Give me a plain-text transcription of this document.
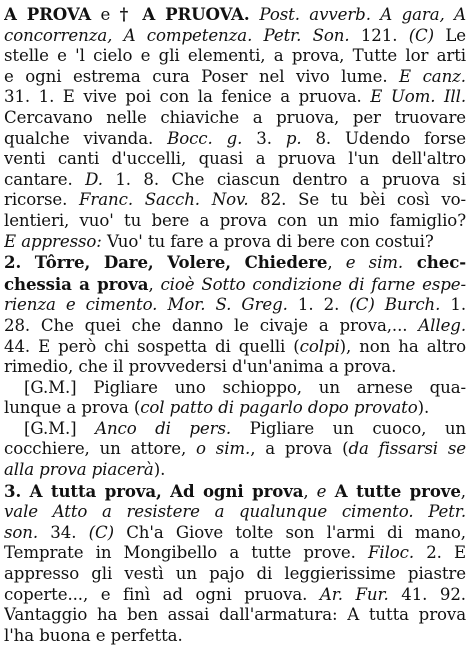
A PROVA e † A PRUOVA. Post. avverb. A gara, A
concorrenza, A competenza. Petr. Son. 121. (C) Le
stelle e 'l cielo e gli elementi, a prova, Tutte lor arti
e ogni estrema cura Poser nel vivo lume. E canz.
31. 1. E vive poi con la fenice a pruova. E Uom. Ill.
Cercavano nelle chiaviche a pruova, per truovare
qualche vivanda. Bocc. g. 3. p. 8. Udendo forse
venti canti d'uccelli, quasi a pruova l'un dell'altro
cantare. D. 1. 8. Che ciascun dentro a pruova si
ricorse. Franc. Sacch. Nov. 82. Se tu bèi così vo-
lentieri, vuo' tu bere a prova con un mio famiglio?
E appresso: Vuo' tu fare a prova di bere con costui?
2. Tôrre, Dare, Volere, Chiedere, e sim. chec-
chessia a prova, cioè Sotto condizione di farne espe-
rienza e cimento. Mor. S. Greg. 1. 2. (C) Burch. 1.
28. Che quei che danno le civaje a prova,... Alleg.
44. E però chi sospetta di quelli (colpi), non ha altro
rimedio, che il provvedersi d'un'anima a prova.
[G.M.] Pigliare uno schioppo, un arnese qua-
lunque a prova (col patto di pagarlo dopo provato).
[G.M.] Anco di pers. Pigliare un cuoco, un
cocchiere, un attore, o sim., a prova (da fissarsi se
alla prova piacerà).
3. A tutta prova, Ad ogni prova, e A tutte prove,
vale Atto a resistere a qualunque cimento. Petr.
son. 34. (C) Ch'a Giove tolte son l'armi di mano,
Temprate in Mongibello a tutte prove. Filoc. 2. E
appresso gli vestì un pajo di leggierissime piastre
coperte..., e finì ad ogni pruova. Ar. Fur. 41. 92.
Vantaggio ha ben assai dall'armatura: A tutta prova
l'ha buona e perfetta.
